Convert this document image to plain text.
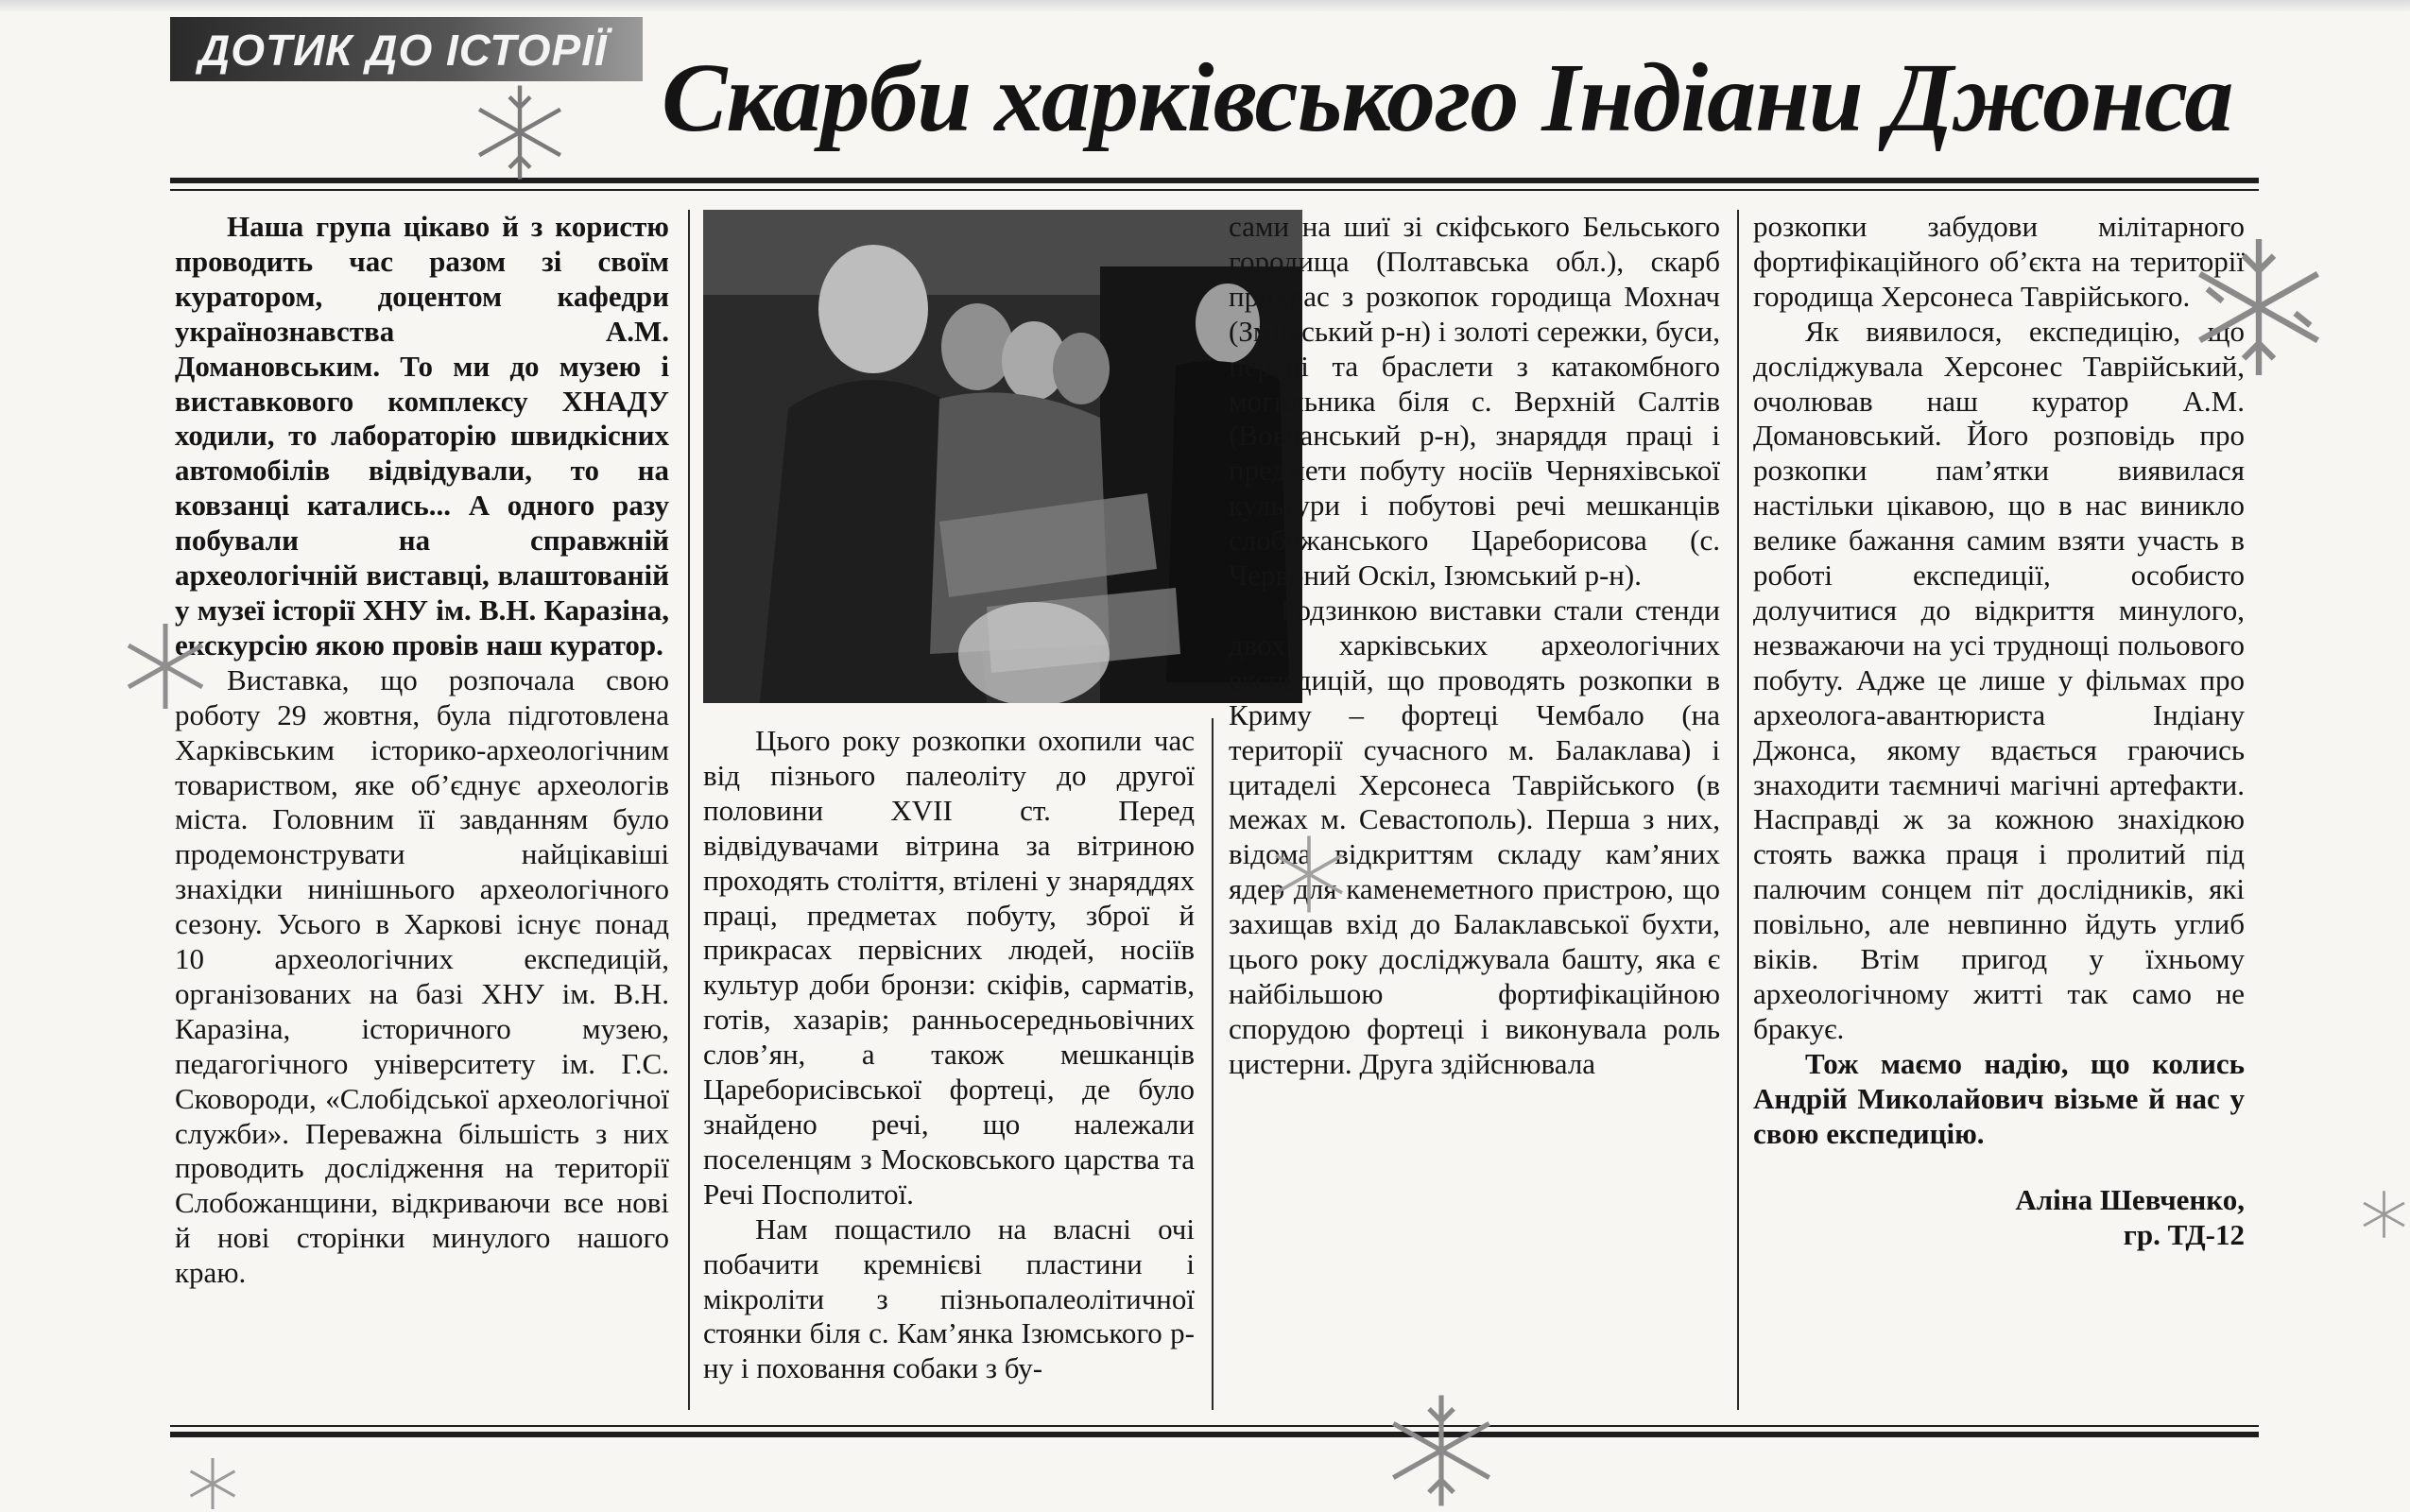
ДОТИК ДО ІСТОРІЇ Скарби харківського Індіани Джонса

Наша група цікаво й з користю проводить час разом зі своїм куратором, доцентом кафедри українознавства А.М. Домановським. То ми до музею і виставкового комплексу ХНАДУ ходили, то лабораторію швидкісних автомобілів відвідували, то на ковзанці катались... А одного разу побували на справжній археологічній виставці, влаштованій у музеї історії ХНУ ім. В.Н. Каразіна, екскурсію якою провів наш куратор.

Виставка, що розпочала свою роботу 29 жовтня, була підготовлена Харківським історико-археологічним товариством, яке об’єднує археологів міста. Головним її завданням було продемонструвати найцікавіші знахідки нинішнього археологічного сезону. Усього в Харкові існує понад 10 археологічних експедицій, організованих на базі ХНУ ім. В.Н. Каразіна, історичного музею, педагогічного університету ім. Г.С. Сковороди, «Слобідської археологічної служби». Переважна більшість з них проводить дослідження на території Слобожанщини, відкриваючи все нові й нові сторінки минулого нашого краю.

Цього року розкопки охопили час від пізнього палеоліту до другої половини XVII ст. Перед відвідувачами вітрина за вітриною проходять століття, втілені у знаряддях праці, предметах побуту, зброї й прикрасах первісних людей, носіїв культур доби бронзи: скіфів, сарматів, готів, хазарів; ранньосередньовічних слов’ян, а також мешканців Цареборисівської фортеці, де було знайдено речі, що належали поселенцям з Московського царства та Речі Посполитої.

Нам пощастило на власні очі побачити кремнієві пластини і мікроліти з пізньопалеолітичної стоянки біля с. Кам’янка Ізюмського р-ну і поховання собаки з бу-

сами на шиї зі скіфського Бельського городища (Полтавська обл.), скарб прикрас з розкопок городища Мохнач (Зміївський р-н) і золоті сережки, буси, персні та браслети з катакомбного могильника біля с. Верхній Салтів (Вовчанський р-н), знаряддя праці і предмети побуту носіїв Черняхівської культури і побутові речі мешканців слобожанського Цареборисова (с. Червоний Оскіл, Ізюмський р-н).

Родзинкою виставки стали стенди двох харківських археологічних експедицій, що проводять розкопки в Криму – фортеці Чембало (на території сучасного м. Балаклава) і цитаделі Херсонеса Таврійського (в межах м. Севастополь). Перша з них, відома відкриттям складу кам’яних ядер для каменеметного пристрою, що захищав вхід до Балаклавської бухти, цього року досліджувала башту, яка є найбільшою фортифікаційною спорудою фортеці і виконувала роль цистерни. Друга здійснювала

розкопки забудови мілітарного фортифікаційного об’єкта на території городища Херсонеса Таврійського.

Як виявилося, експедицію, що досліджувала Херсонес Таврійський, очолював наш куратор А.М. Домановський. Його розповідь про розкопки пам’ятки виявилася настільки цікавою, що в нас виникло велике бажання самим взяти участь в роботі експедиції, особисто долучитися до відкриття минулого, незважаючи на усі труднощі польового побуту. Адже це лише у фільмах про археолога-авантюриста Індіану Джонса, якому вдається граючись знаходити таємничі магічні артефакти. Насправді ж за кожною знахідкою стоять важка праця і пролитий під палючим сонцем піт дослідників, які повільно, але невпинно йдуть углиб віків. Втім пригод у їхньому археологічному житті так само не бракує.

Тож маємо надію, що колись Андрій Миколайович візьме й нас у свою експедицію.

Аліна Шевченко,

гр. ТД-12
